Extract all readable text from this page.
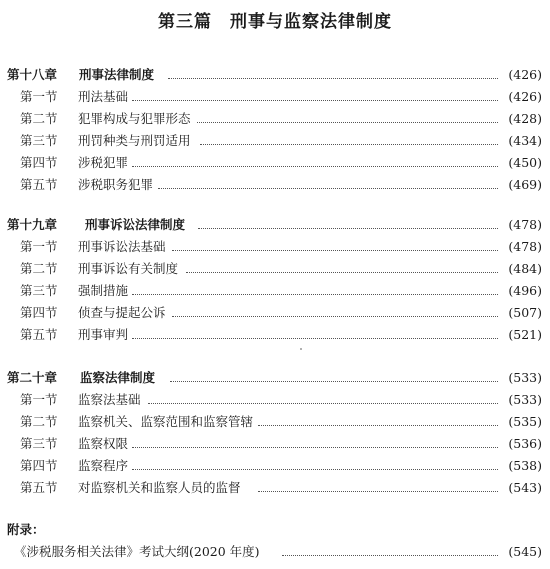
第三篇　刑事与监察法律制度
第十八章 刑事法律制度	(426)
第一节 刑法基础	(426)
第二节 犯罪构成与犯罪形态	(428)
第三节 刑罚种类与刑罚适用	(434)
第四节 涉税犯罪	(450)
第五节 涉税职务犯罪	(469)
第十九章 刑事诉讼法律制度	(478)
第一节 刑事诉讼法基础	(478)
第二节 刑事诉讼有关制度	(484)
第三节 强制措施	(496)
第四节 侦查与提起公诉	(507)
第五节 刑事审判	(521)
第二十章 监察法律制度	(533)
第一节 监察法基础	(533)
第二节 监察机关、监察范围和监察管辖	(535)
第三节 监察权限	(536)
第四节 监察程序	(538)
第五节 对监察机关和监察人员的监督	(543)
附录：
《涉税服务相关法律》考试大纲(2020 年度)	(545)
